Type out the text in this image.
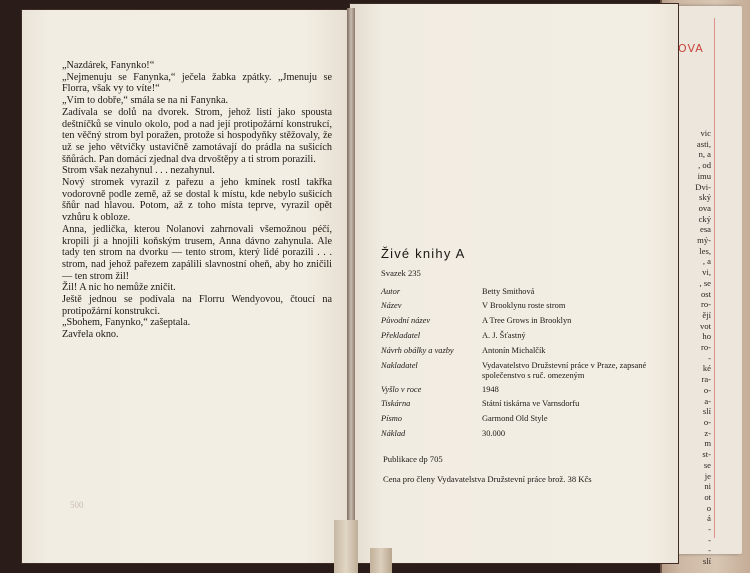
OVA
vic
asti,
n, a
, od
imu
Dvi-
ský
ova
cký
esa
mý-
les,
, a
vi,
, se
ost
ro-
ějí
vot
ho
ro-
-
ké
ra-
o-
a-
slí
o-
z-
m
st-
se
je
ni
ot
o
á
-
-
-
slí

„Nazdárek, Fanynko!“

„Nejmenuju se Fanynka,“ ječela žabka zpátky. „Jmenuju se Florra, však vy to víte!“

„Vím to dobře,“ smála se na ni Fanynka.

Zadívala se dolů na dvorek. Strom, jehož listí jako spousta deštníčků se vinulo okolo, pod a nad její protipožární konstrukcí, ten věčný strom byl poražen, protože si hospodyňky stěžovaly, že už se jeho větvičky ustavičně zamotávají do prádla na sušicích šňůrách. Pan domácí zjednal dva drvoštěpy a ti strom porazili.

Strom však nezahynul . . . nezahynul.

Nový stromek vyrazil z pařezu a jeho kmínek rostl takřka vodorovně podle země, až se dostal k místu, kde nebylo sušicích šňůr nad hlavou. Potom, až z toho místa teprve, vyrazil opět vzhůru k obloze.

Anna, jedlička, kterou Nolanovi zahrnovali všemožnou péčí, kropili ji a hnojili koňským trusem, Anna dávno zahynula. Ale tady ten strom na dvorku — tento strom, který lidé porazili . . . strom, nad jehož pařezem zapálili slavnostní oheň, aby ho zničili — ten strom žil!

Žil! A nic ho nemůže zničit.

Ještě jednou se podívala na Florru Wendyovou, čtoucí na protipožární konstrukci.

„Sbohem, Fanynko,“ zašeptala.

Zavřela okno.

500
Živé knihy A
Svazek 235
Autor	Betty Smithová
Název	V Brooklynu roste strom
Původní název	A Tree Grows in Brooklyn
Překladatel	A. J. Šťastný
Návrh obálky a vazby	Antonín Michalčík
Nakladatel	Vydavatelstvo Družstevní práce v Praze, zapsané společenstvo s ruč. omezeným
Vyšlo v roce	1948
Tiskárna	Státní tiskárna ve Varnsdorfu
Písmo	Garmond Old Style
Náklad	30.000
Publikace dp 705
Cena pro členy Vydavatelstva Družstevní práce brož. 38 Kčs
